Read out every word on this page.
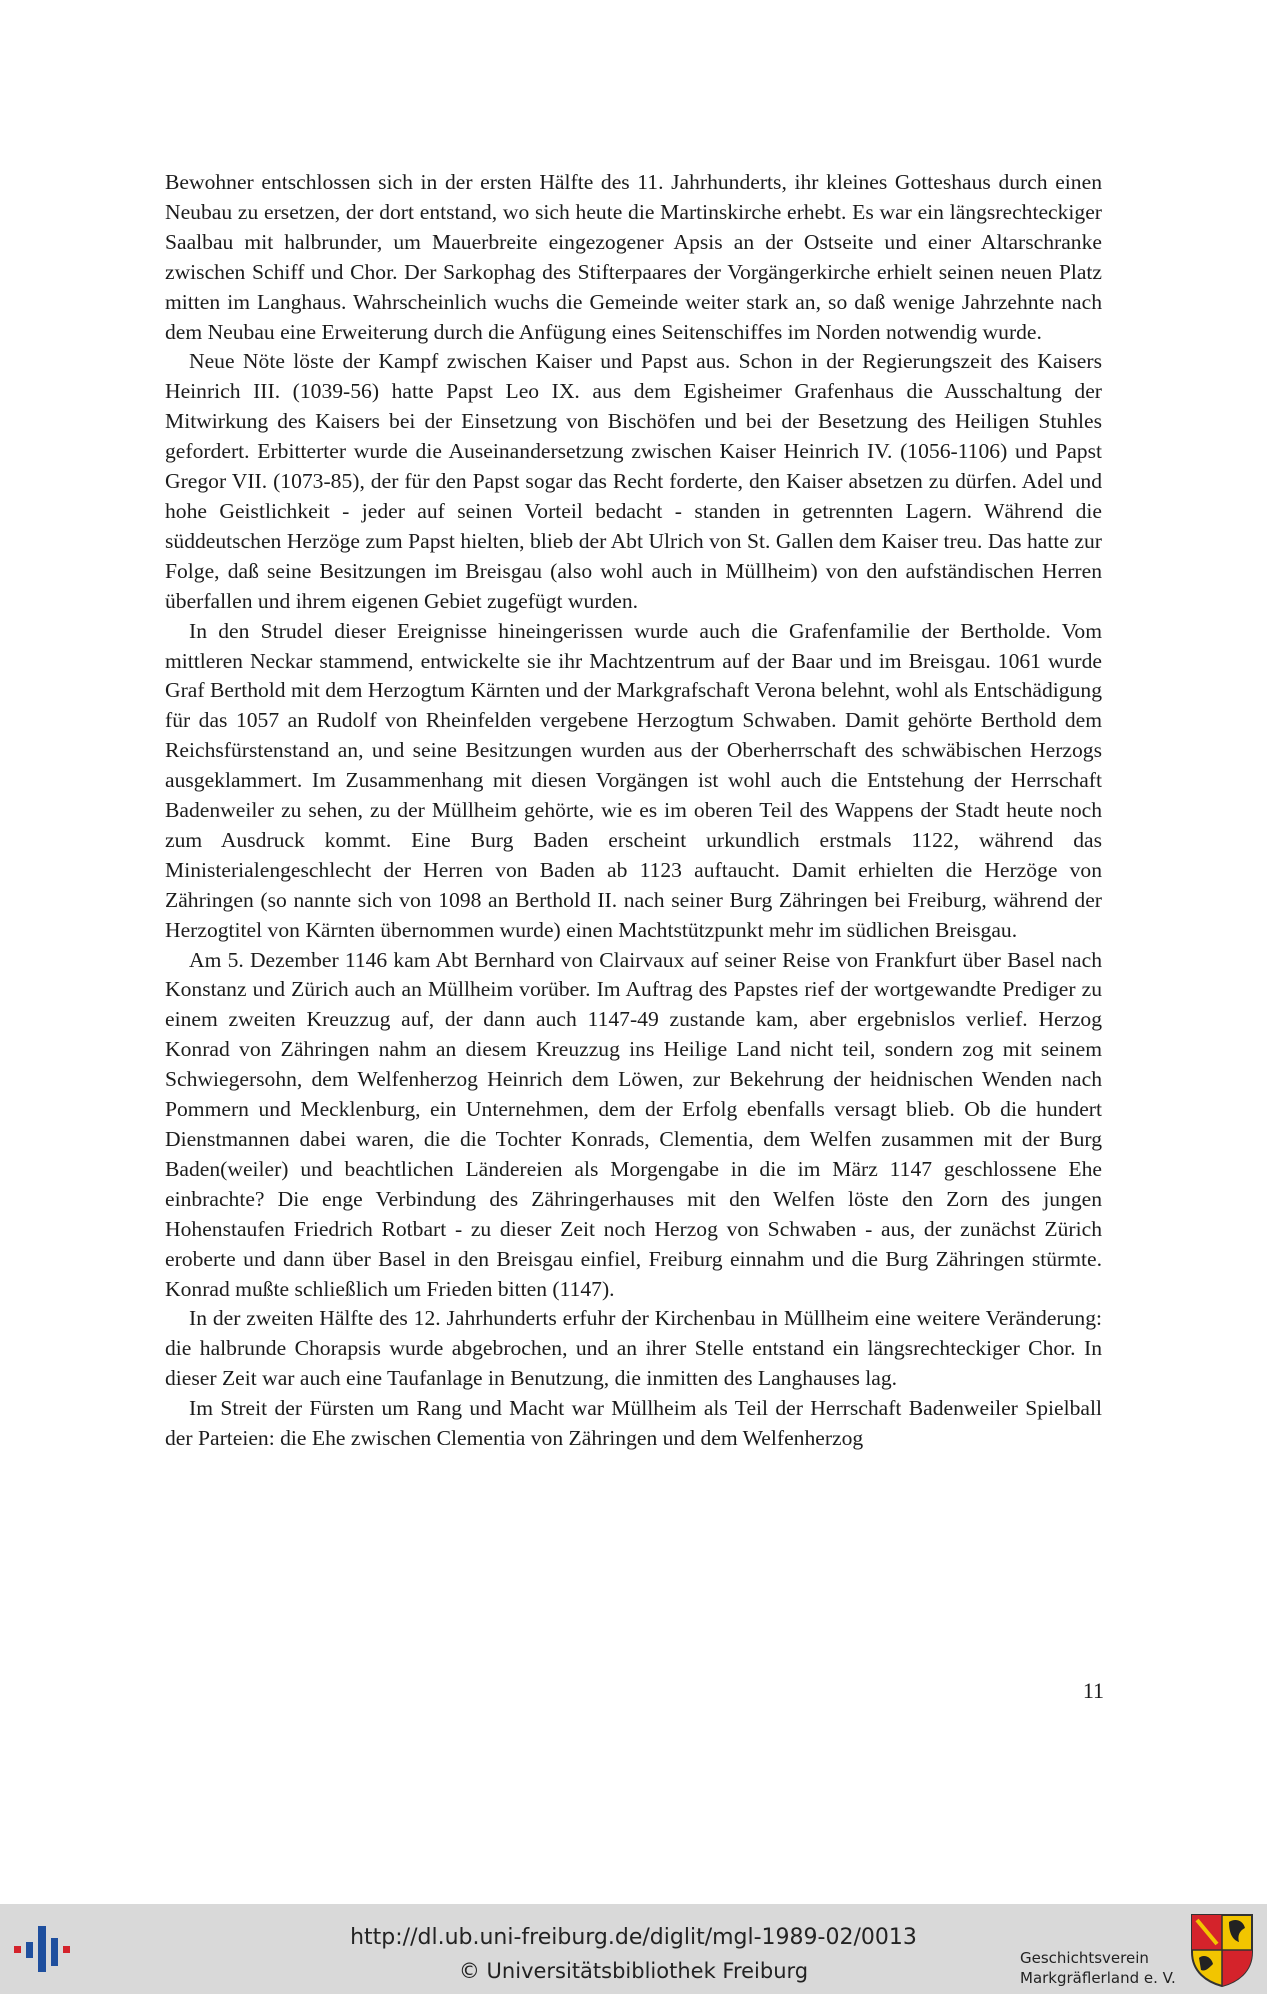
Bewohner entschlossen sich in der ersten Hälfte des 11. Jahrhunderts, ihr kleines Gotteshaus durch einen Neubau zu ersetzen, der dort entstand, wo sich heute die Martinskirche erhebt. Es war ein längsrechteckiger Saalbau mit halbrunder, um Mauerbreite eingezogener Apsis an der Ostseite und einer Altarschranke zwischen Schiff und Chor. Der Sarkophag des Stifterpaares der Vorgängerkirche erhielt seinen neuen Platz mitten im Langhaus. Wahrscheinlich wuchs die Gemeinde weiter stark an, so daß wenige Jahrzehnte nach dem Neubau eine Erweiterung durch die Anfügung eines Seitenschiffes im Norden notwendig wurde.

Neue Nöte löste der Kampf zwischen Kaiser und Papst aus. Schon in der Regierungszeit des Kaisers Heinrich III. (1039-56) hatte Papst Leo IX. aus dem Egisheimer Grafenhaus die Ausschaltung der Mitwirkung des Kaisers bei der Einsetzung von Bischöfen und bei der Besetzung des Heiligen Stuhles gefordert. Erbitterter wurde die Auseinandersetzung zwischen Kaiser Heinrich IV. (1056-1106) und Papst Gregor VII. (1073-85), der für den Papst sogar das Recht forderte, den Kaiser absetzen zu dürfen. Adel und hohe Geistlichkeit - jeder auf seinen Vorteil bedacht - standen in getrennten Lagern. Während die süddeutschen Herzöge zum Papst hielten, blieb der Abt Ulrich von St. Gallen dem Kaiser treu. Das hatte zur Folge, daß seine Besitzungen im Breisgau (also wohl auch in Müllheim) von den aufständischen Herren überfallen und ihrem eigenen Gebiet zugefügt wurden.

In den Strudel dieser Ereignisse hineingerissen wurde auch die Grafenfamilie der Bertholde. Vom mittleren Neckar stammend, entwickelte sie ihr Machtzentrum auf der Baar und im Breisgau. 1061 wurde Graf Berthold mit dem Herzogtum Kärnten und der Markgrafschaft Verona belehnt, wohl als Entschädigung für das 1057 an Rudolf von Rheinfelden vergebene Herzogtum Schwaben. Damit gehörte Berthold dem Reichsfürstenstand an, und seine Besitzungen wurden aus der Oberherrschaft des schwäbischen Herzogs ausgeklammert. Im Zusammenhang mit diesen Vorgängen ist wohl auch die Entstehung der Herrschaft Badenweiler zu sehen, zu der Müllheim gehörte, wie es im oberen Teil des Wappens der Stadt heute noch zum Ausdruck kommt. Eine Burg Baden erscheint urkundlich erstmals 1122, während das Ministerialengeschlecht der Herren von Baden ab 1123 auftaucht. Damit erhielten die Herzöge von Zähringen (so nannte sich von 1098 an Berthold II. nach seiner Burg Zähringen bei Freiburg, während der Herzogtitel von Kärnten übernommen wurde) einen Machtstützpunkt mehr im südlichen Breisgau.

Am 5. Dezember 1146 kam Abt Bernhard von Clairvaux auf seiner Reise von Frankfurt über Basel nach Konstanz und Zürich auch an Müllheim vorüber. Im Auftrag des Papstes rief der wortgewandte Prediger zu einem zweiten Kreuzzug auf, der dann auch 1147-49 zustande kam, aber ergebnislos verlief. Herzog Konrad von Zähringen nahm an diesem Kreuzzug ins Heilige Land nicht teil, sondern zog mit seinem Schwiegersohn, dem Welfenherzog Heinrich dem Löwen, zur Bekehrung der heidnischen Wenden nach Pommern und Mecklenburg, ein Unternehmen, dem der Erfolg ebenfalls versagt blieb. Ob die hundert Dienstmannen dabei waren, die die Tochter Konrads, Clementia, dem Welfen zusammen mit der Burg Baden(weiler) und beachtlichen Ländereien als Morgengabe in die im März 1147 geschlossene Ehe einbrachte? Die enge Verbindung des Zähringerhauses mit den Welfen löste den Zorn des jungen Hohenstaufen Friedrich Rotbart - zu dieser Zeit noch Herzog von Schwaben - aus, der zunächst Zürich eroberte und dann über Basel in den Breisgau einfiel, Freiburg einnahm und die Burg Zähringen stürmte. Konrad mußte schließlich um Frieden bitten (1147).

In der zweiten Hälfte des 12. Jahrhunderts erfuhr der Kirchenbau in Müllheim eine weitere Veränderung: die halbrunde Chorapsis wurde abgebrochen, und an ihrer Stelle entstand ein längsrechteckiger Chor. In dieser Zeit war auch eine Taufanlage in Benutzung, die inmitten des Langhauses lag.

Im Streit der Fürsten um Rang und Macht war Müllheim als Teil der Herrschaft Badenweiler Spielball der Parteien: die Ehe zwischen Clementia von Zähringen und dem Welfenherzog

11
http://dl.ub.uni-freiburg.de/diglit/mgl-1989-02/0013
© Universitätsbibliothek Freiburg
Geschichtsverein
Markgräflerland e. V.
